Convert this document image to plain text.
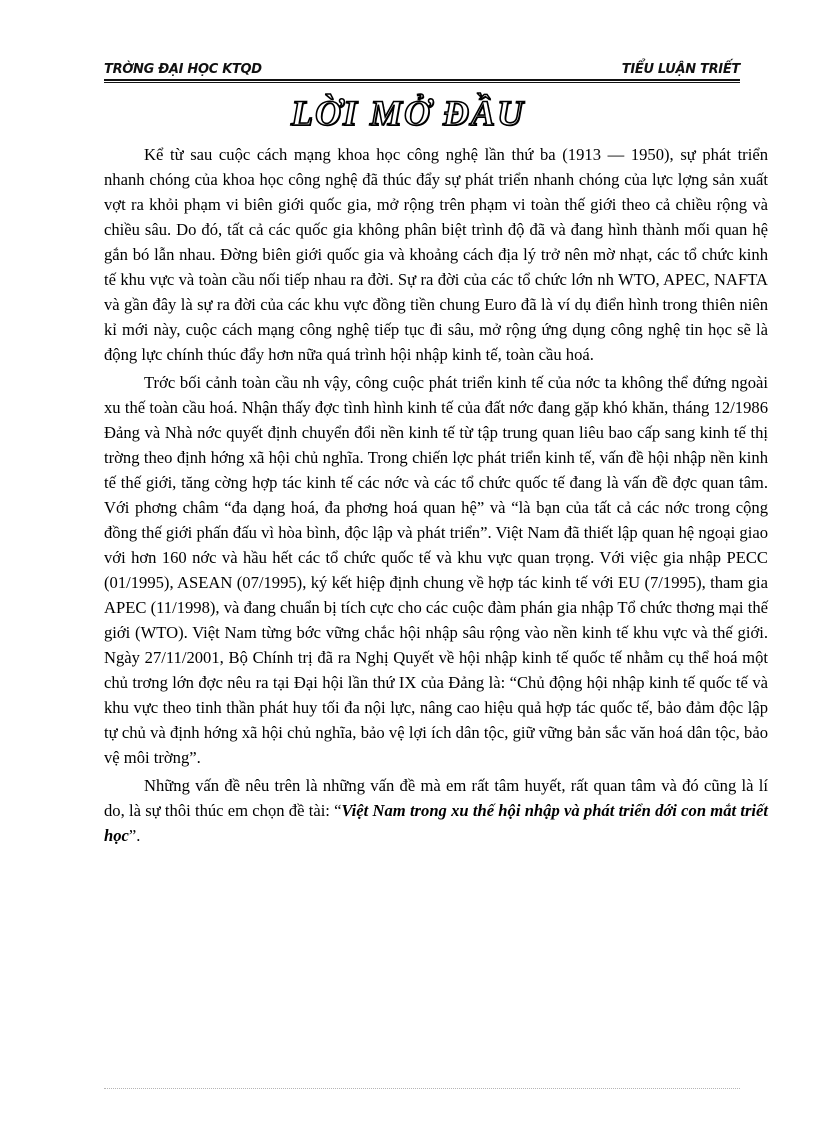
TRỜNG ĐẠI HỌC KTQD	TIỂU LUẬN TRIẾT
LỜI MỞ ĐẦU

Kể từ sau cuộc cách mạng khoa học công nghệ lần thứ ba (1913 — 1950), sự phát triển nhanh chóng của khoa học công nghệ đã thúc đẩy sự phát triển nhanh chóng của lực lợng sản xuất vợt ra khỏi phạm vi biên giới quốc gia, mở rộng trên phạm vi toàn thế giới theo cả chiều rộng và chiều sâu. Do đó, tất cả các quốc gia không phân biệt trình độ đã và đang hình thành mối quan hệ gắn bó lẫn nhau. Đờng biên giới quốc gia và khoảng cách địa lý trở nên mờ nhạt, các tổ chức kinh tế khu vực và toàn cầu nối tiếp nhau ra đời. Sự ra đời của các tổ chức lớn nh WTO, APEC, NAFTA và gần đây là sự ra đời của các khu vực đồng tiền chung Euro đã là ví dụ điển hình trong thiên niên kỉ mới này, cuộc cách mạng công nghệ tiếp tục đi sâu, mở rộng ứng dụng công nghệ tin học sẽ là động lực chính thúc đẩy hơn nữa quá trình hội nhập kinh tế, toàn cầu hoá.

Trớc bối cảnh toàn cầu nh vậy, công cuộc phát triển kinh tế của nớc ta không thể đứng ngoài xu thế toàn cầu hoá. Nhận thấy đợc tình hình kinh tế của đất nớc đang gặp khó khăn, tháng 12/1986 Đảng và Nhà nớc quyết định chuyển đổi nền kinh tế từ tập trung quan liêu bao cấp sang kinh tế thị trờng theo định hớng xã hội chủ nghĩa. Trong chiến lợc phát triển kinh tế, vấn đề hội nhập nền kinh tế thế giới, tăng cờng hợp tác kinh tế các nớc và các tổ chức quốc tế đang là vấn đề đợc quan tâm. Với phơng châm “đa dạng hoá, đa phơng hoá quan hệ” và “là bạn của tất cả các nớc trong cộng đồng thế giới phấn đấu vì hòa bình, độc lập và phát triển”. Việt Nam đã thiết lập quan hệ ngoại giao với hơn 160 nớc và hầu hết các tổ chức quốc tế và khu vực quan trọng. Với việc gia nhập PECC (01/1995), ASEAN (07/1995), ký kết hiệp định chung về hợp tác kinh tế với EU (7/1995), tham gia APEC (11/1998), và đang chuẩn bị tích cực cho các cuộc đàm phán gia nhập Tổ chức thơng mại thế giới (WTO). Việt Nam từng bớc vững chắc hội nhập sâu rộng vào nền kinh tế khu vực và thế giới. Ngày 27/11/2001, Bộ Chính trị đã ra Nghị Quyết về hội nhập kinh tế quốc tế nhằm cụ thể hoá một chủ trơng lớn đợc nêu ra tại Đại hội lần thứ IX của Đảng là: “Chủ động hội nhập kinh tế quốc tế và khu vực theo tinh thần phát huy tối đa nội lực, nâng cao hiệu quả hợp tác quốc tế, bảo đảm độc lập tự chủ và định hớng xã hội chủ nghĩa, bảo vệ lợi ích dân tộc, giữ vững bản sắc văn hoá dân tộc, bảo vệ môi trờng”.

Những vấn đề nêu trên là những vấn đề mà em rất tâm huyết, rất quan tâm và đó cũng là lí do, là sự thôi thúc em chọn đề tài: “Việt Nam trong xu thế hội nhập và phát triển dới con mắt triết học”.
